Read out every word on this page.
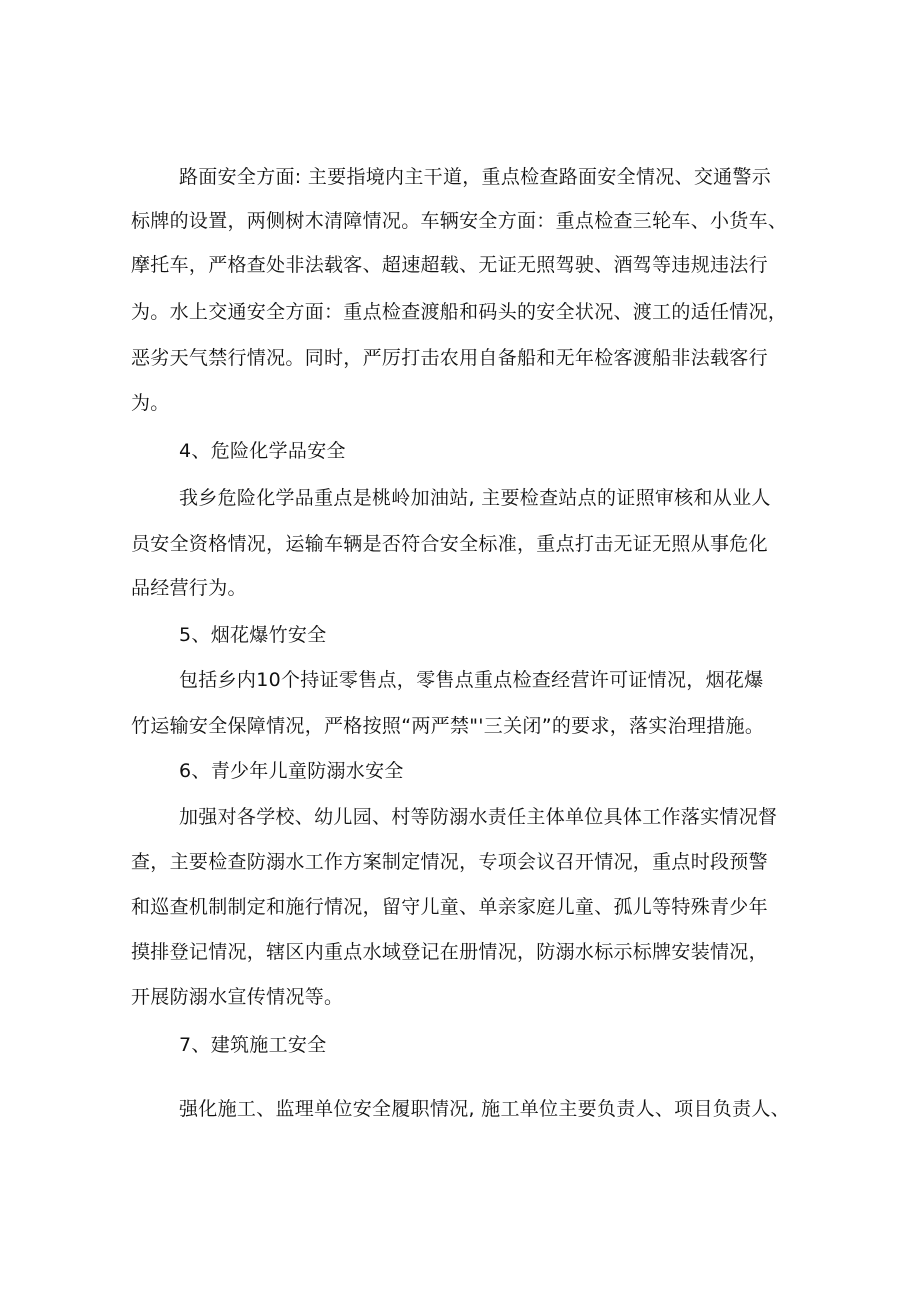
路面安全方面: 主要指境内主干道，重点检查路面安全情况、交通警示
标牌的设置，两侧树木清障情况。车辆安全方面：重点检查三轮车、小货车、
摩托车，严格查处非法载客、超速超载、无证无照驾驶、酒驾等违规违法行
为。水上交通安全方面：重点检查渡船和码头的安全状况、渡工的适任情况，
恶劣天气禁行情况。同时，严厉打击农用自备船和无年检客渡船非法载客行
为。
4、危险化学品安全
我乡危险化学品重点是桃岭加油站, 主要检查站点的证照审核和从业人
员安全资格情况，运输车辆是否符合安全标准，重点打击无证无照从事危化
品经营行为。
5、烟花爆竹安全
包括乡内10个持证零售点，零售点重点检查经营许可证情况，烟花爆
竹运输安全保障情况，严格按照“两严禁"'三关闭”的要求，落实治理措施。
6、青少年儿童防溺水安全
加强对各学校、幼儿园、村等防溺水责任主体单位具体工作落实情况督
查，主要检查防溺水工作方案制定情况，专项会议召开情况，重点时段预警
和巡查机制制定和施行情况，留守儿童、单亲家庭儿童、孤儿等特殊青少年
摸排登记情况，辖区内重点水域登记在册情况，防溺水标示标牌安装情况，
开展防溺水宣传情况等。
7、建筑施工安全
强化施工、监理单位安全履职情况, 施工单位主要负责人、项目负责人、
